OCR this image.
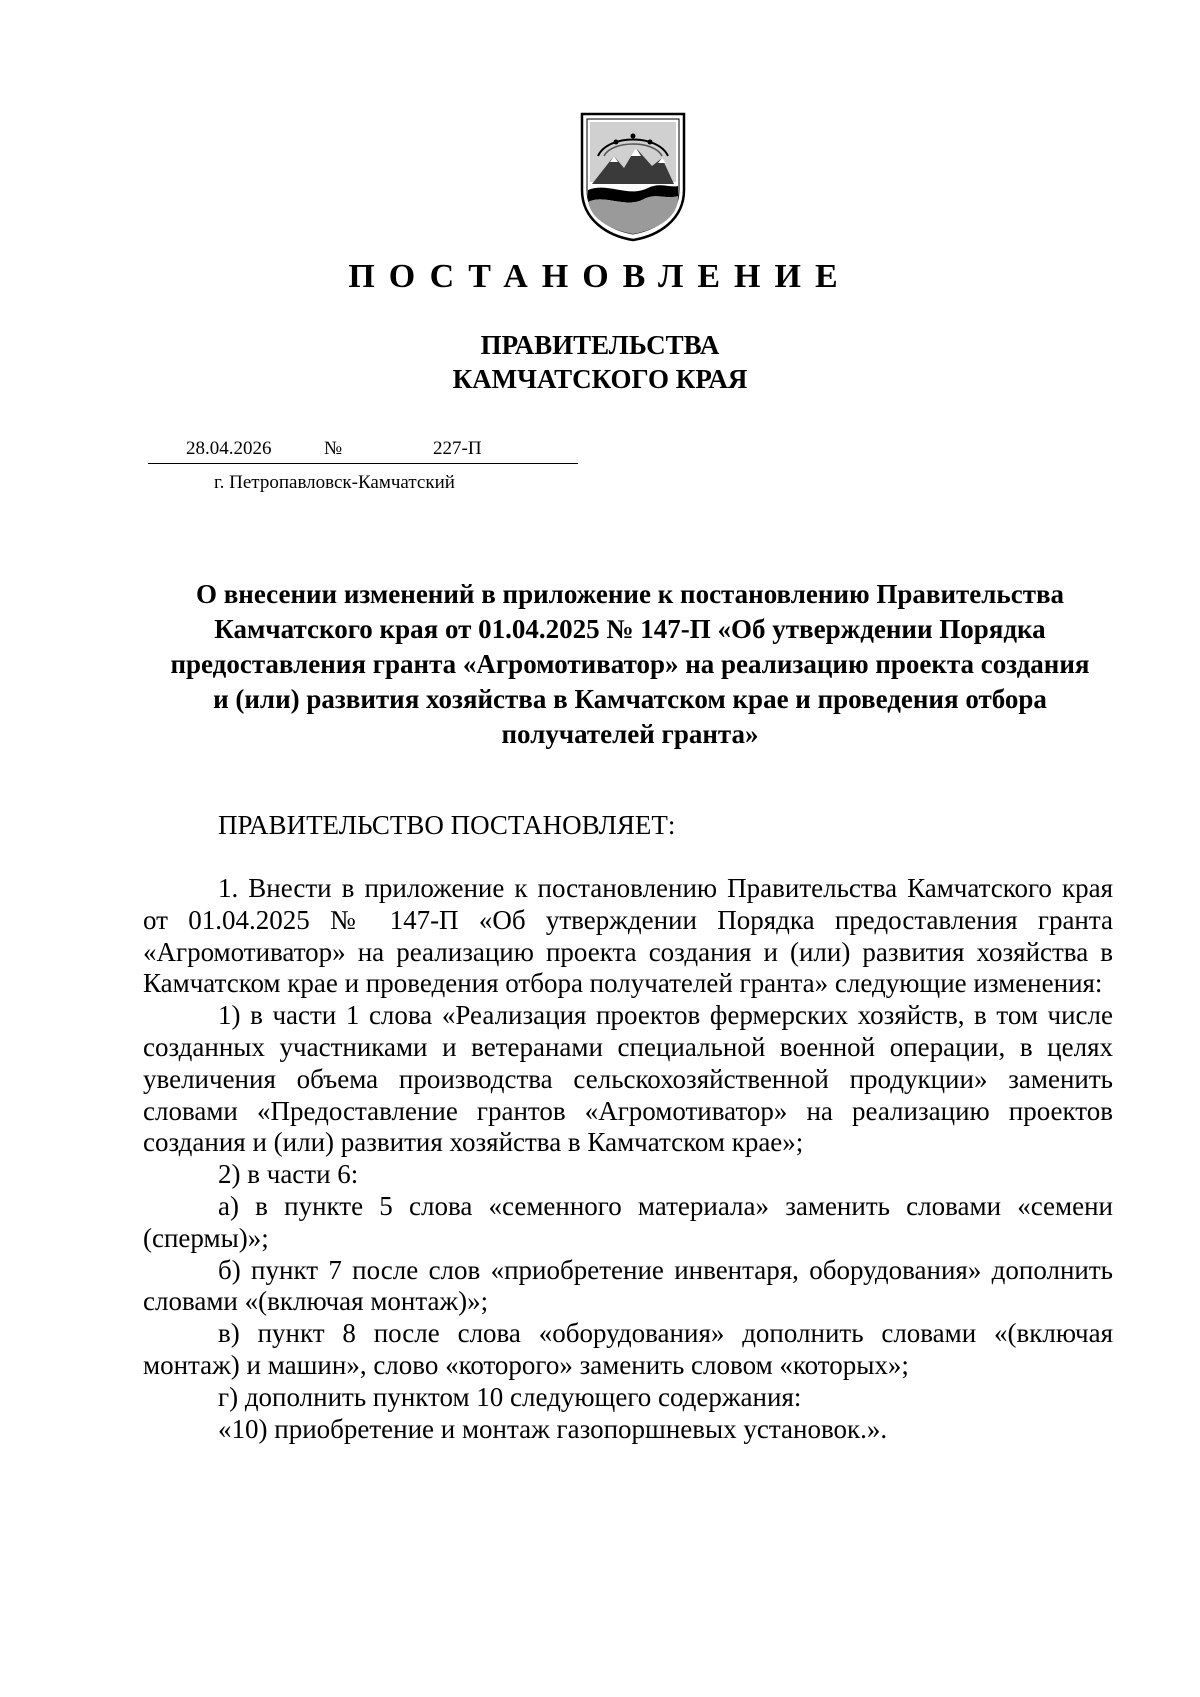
ПОСТАНОВЛЕНИЕ
ПРАВИТЕЛЬСТВА
КАМЧАТСКОГО КРАЯ
28.04.2026	№	227-П
г. Петропавловск-Камчатский
О внесении изменений в приложение к постановлению Правительства
Камчатского края от 01.04.2025 № 147-П «Об утверждении Порядка
предоставления гранта «Агромотиватор» на реализацию проекта создания
и (или) развития хозяйства в Камчатском крае и проведения отбора
получателей гранта»
ПРАВИТЕЛЬСТВО ПОСТАНОВЛЯЕТ:

1. Внести в приложение к постановлению Правительства Камчатского края от 01.04.2025 № 147-П «Об утверждении Порядка предоставления гранта «Агромотиватор» на реализацию проекта создания и (или) развития хозяйства в Камчатском крае и проведения отбора получателей гранта» следующие изменения:

1) в части 1 слова «Реализация проектов фермерских хозяйств, в том числе созданных участниками и ветеранами специальной военной операции, в целях увеличения объема производства сельскохозяйственной продукции» заменить словами «Предоставление грантов «Агромотиватор» на реализацию проектов создания и (или) развития хозяйства в Камчатском крае»;

2) в части 6:

а) в пункте 5 слова «семенного материала» заменить словами «семени (спермы)»;

б) пункт 7 после слов «приобретение инвентаря, оборудования» дополнить словами «(включая монтаж)»;

в) пункт 8 после слова «оборудования» дополнить словами «(включая монтаж) и машин», слово «которого» заменить словом «которых»;

г) дополнить пунктом 10 следующего содержания:

«10) приобретение и монтаж газопоршневых установок.».
